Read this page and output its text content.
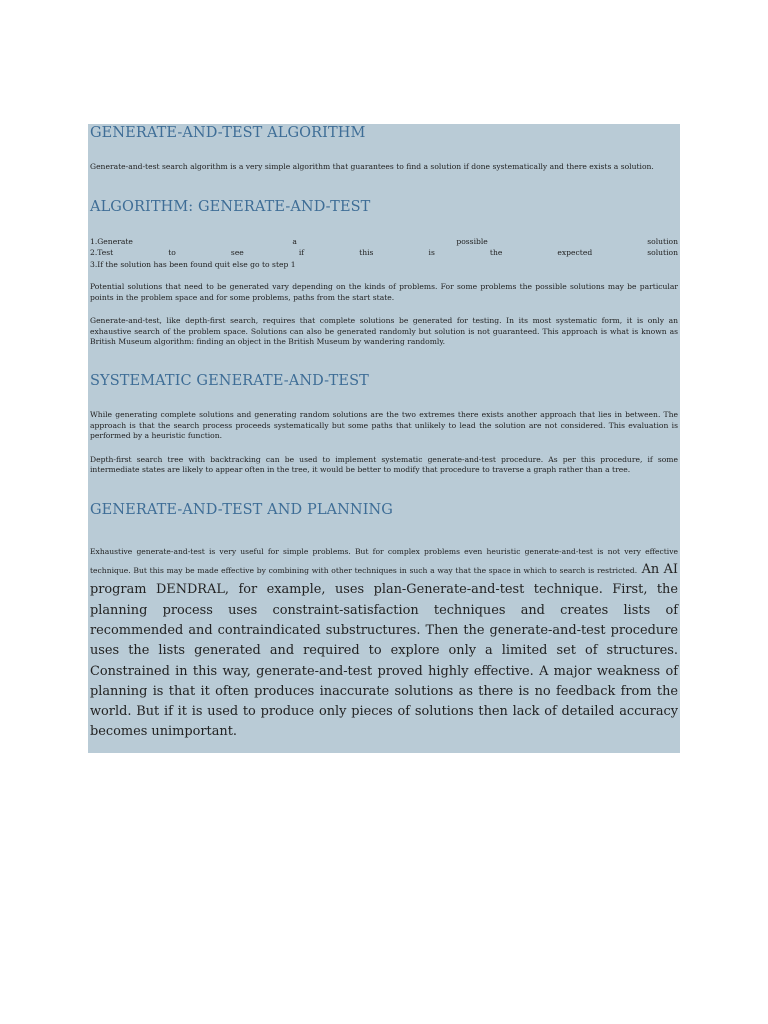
GENERATE-AND-TEST ALGORITHM

Generate-and-test search algorithm is a very simple algorithm that guarantees to find a solution if done systematically and there exists a solution.

ALGORITHM: GENERATE-AND-TEST

1.Generate a possible solution

2.Test to see if this is the expected solution

3.If the solution has been found quit else go to step 1

Potential solutions that need to be generated vary depending on the kinds of problems. For some problems the possible solutions may be particular points in the problem space and for some problems, paths from the start state.

Generate-and-test, like depth-first search, requires that complete solutions be generated for testing. In its most systematic form, it is only an exhaustive search of the problem space. Solutions can also be generated randomly but solution is not guaranteed. This approach is what is known as British Museum algorithm: finding an object in the British Museum by wandering randomly.

SYSTEMATIC GENERATE-AND-TEST

While generating complete solutions and generating random solutions are the two extremes there exists another approach that lies in between. The approach is that the search process proceeds systematically but some paths that unlikely to lead the solution are not considered. This evaluation is performed by a heuristic function.

Depth-first search tree with backtracking can be used to implement systematic generate-and-test procedure. As per this procedure, if some intermediate states are likely to appear often in the tree, it would be better to modify that procedure to traverse a graph rather than a tree.

GENERATE-AND-TEST AND PLANNING

Exhaustive generate-and-test is very useful for simple problems. But for complex problems even heuristic generate-and-test is not very effective technique. But this may be made effective by combining with other techniques in such a way that the space in which to search is restricted. An AI program DENDRAL, for example, uses plan-Generate-and-test technique. First, the planning process uses constraint-satisfaction techniques and creates lists of recommended and contraindicated substructures. Then the generate-and-test procedure uses the lists generated and required to explore only a limited set of structures. Constrained in this way, generate-and-test proved highly effective. A major weakness of planning is that it often produces inaccurate solutions as there is no feedback from the world. But if it is used to produce only pieces of solutions then lack of detailed accuracy becomes unimportant.
